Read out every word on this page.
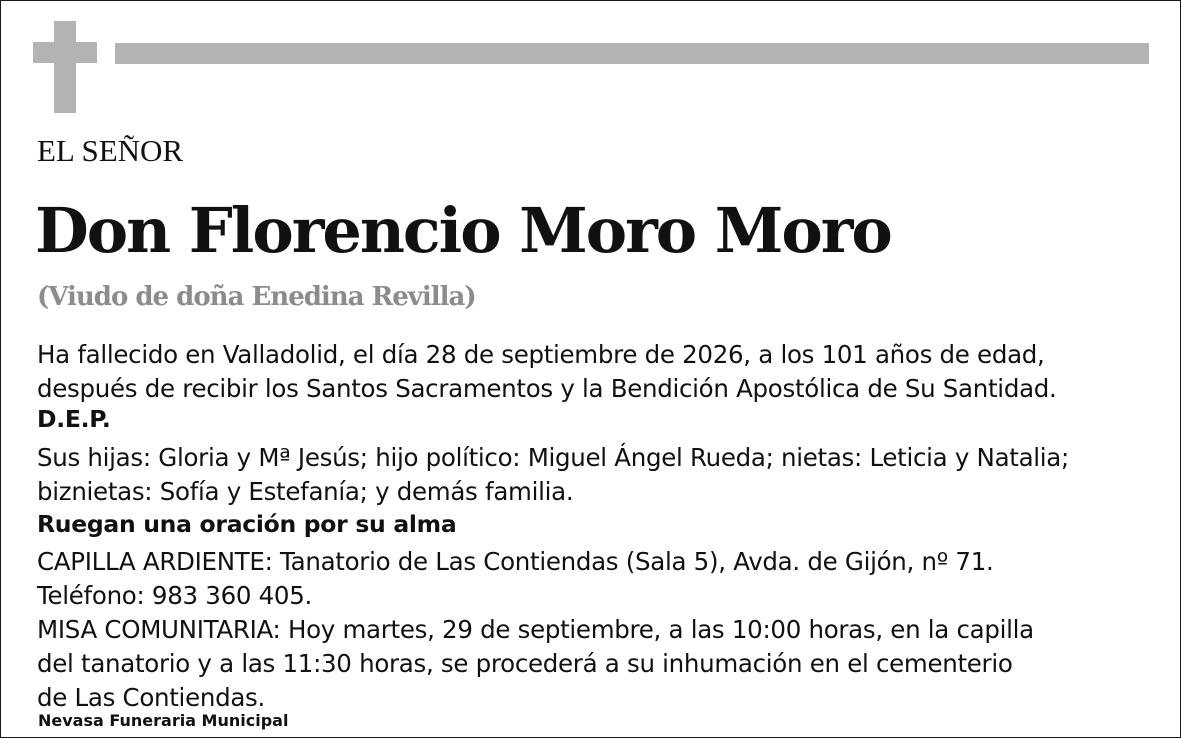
EL SEÑOR
Don Florencio Moro Moro
(Viudo de doña Enedina Revilla)
Ha fallecido en Valladolid, el día 28 de septiembre de 2026, a los 101 años de edad,
después de recibir los Santos Sacramentos y la Bendición Apostólica de Su Santidad.
D.E.P.
Sus hijas: Gloria y Mª Jesús; hijo político: Miguel Ángel Rueda; nietas: Leticia y Natalia;
biznietas: Sofía y Estefanía; y demás familia.
Ruegan una oración por su alma
CAPILLA ARDIENTE: Tanatorio de Las Contiendas (Sala 5), Avda. de Gijón, nº 71.
Teléfono: 983 360 405.
MISA COMUNITARIA: Hoy martes, 29 de septiembre, a las 10:00 horas, en la capilla
del tanatorio y a las 11:30 horas, se procederá a su inhumación en el cementerio
de Las Contiendas.
Nevasa Funeraria Municipal
